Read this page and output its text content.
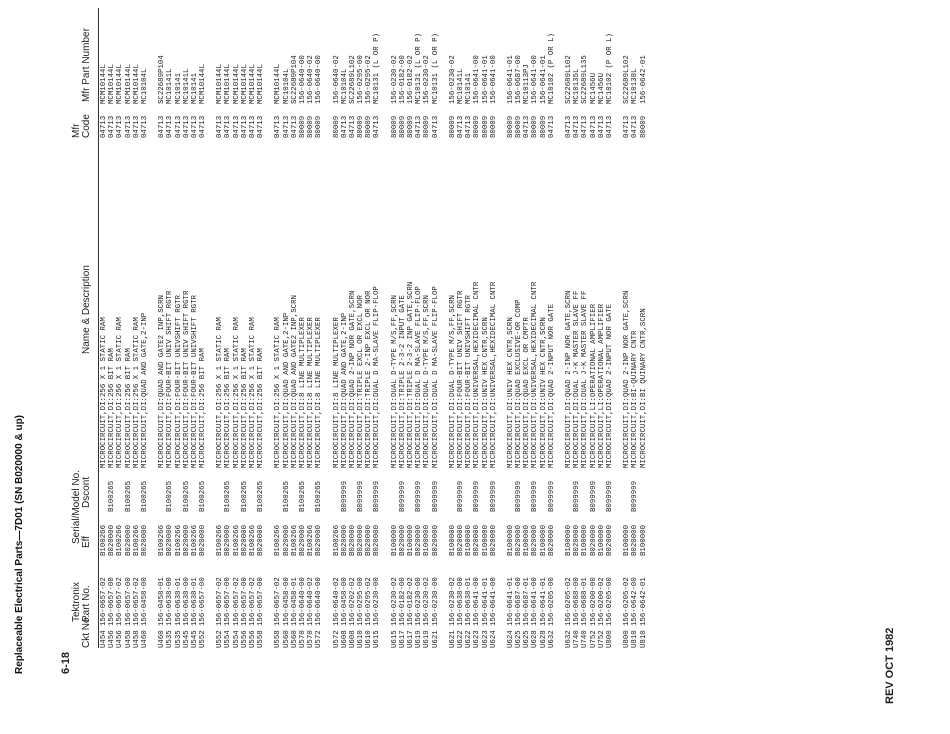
Replaceable Electrical Parts—7D01 (SN B020000 & up)	6-18
Ckt No.
Tektronix Part No.
Serial/Model No. Eff
Dscont
Name & Description
Mfr Code
Mfr Part Number
U454
156-0657-02
B100266
MICROCIRCUIT,DI:256 X 1 STATIC RAM
04713
MCM10144L
U456
156-0657-00
B020000
B100265
MICROCIRCUIT,DI:256 BIT RAM
04713
MCM10144L
U456
156-0657-02
B100266
MICROCIRCUIT,DI:256 X 1 STATIC RAM
04713
MCM10144L
U458
156-0657-00
B020000
B100265
MICROCIRCUIT,DI:256 BIT RAM
04713
MCM10144L
U458
156-0657-02
B100266
MICROCIRCUIT,DI:256 X 1 STATIC RAM
04713
MCM10144L
U460
156-0458-00
B020000
B100265
MICROCIRCUIT,DI:QUAD AND GATE,2-INP
04713
MC10104L
U460
156-0458-01
B100266
MICROCIRCUIT,DI:QUAD AND GATE2 INP,SCRN
04713
SC22689P104
U535
156-0638-00
B020000
B100265
MICROCIRCUIT,DI:FOUR-BIT UNIV SHIFT RGTR
04713
MC10141L
U535
156-0638-01
B100266
MICROCIRCUIT,DI:FOUR-BIT UNIVSHIFT RGTR
04713
MC10141
U545
156-0638-00
B020000
B100265
MICROCIRCUIT,DI:FOUR-BIT UNIV SHIFT RGTR
04713
MC10141L
U545
156-0638-01
B100266
MICROCIRCUIT,DI:FOUR-BIT UNIVSHIFT RGTR
04713
MC10141
U552
156-0657-00
B020000
B100265
MICROCIRCUIT,DI:256 BIT RAM
04713
MCM10144L
U552
156-0657-02
B100266
MICROCIRCUIT,DI:256 X 1 STATIC RAM
04713
MCM10144L
U554
156-0657-00
B020000
B100265
MICROCIRCUIT,DI:256 BIT RAM
04713
MCM10144L
U554
156-0657-02
B100266
MICROCIRCUIT,DI:256 X 1 STATIC RAM
04713
MCM10144L
U556
156-0657-00
B020000
B100265
MICROCIRCUIT,DI:256 BIT RAM
04713
MCM10144L
U556
156-0657-02
B100266
MICROCIRCUIT,DI:256 X 1 STATIC RAM
04713
MCM10144L
U558
156-0657-00
B020000
B100265
MICROCIRCUIT,DI:256 BIT RAM
04713
MCM10144L
U558
156-0657-02
B100266
MICROCIRCUIT,DI:256 X 1 STATIC RAM
04713
MCM10144L
U560
156-0458-00
B020000
B100265
MICROCIRCUIT,DI:QUAD AND GATE,2-INP
04713
MC10104L
U560
156-0458-01
B100266
MICROCIRCUIT,DI:QUAD AND GATE2 INP,SCRN
04713
SC22689P104
U570
156-0640-00
B020000
B100265
MICROCIRCUIT,DI:8 LINE MULTIPLEXER
80009
156-0640-00
U570
156-0640-02
B100266
MICROCIRCUIT,DI:8 LINE MULTIPLEXER
80009
156-0640-02
U572
156-0640-00
B020000
B100265
MICROCIRCUIT,DI:8 LINE MULTIPLEXER
80009
156-0640-00
U572
156-0640-02
B100266
MICROCIRCUIT,DI:8 LINE MULTIPLEXER
80009
156-0640-02
U608
156-0458-00
B020000
B099999
MICROCIRCUIT,DI:QUAD AND GATE,2-INP
04713
MC10104L
U608
156-0202-02
B020000
MICROCIRCUIT,DI:QUAD 2-INP NOR GATE,SCRN
04713
SC22689L102
U610
156-0295-00
B020000
B099999
MICROCIRCUIT,DI:TRIPLE EXCL OR EXCL NOR
80009
156-0295-00
U610
156-0295-02
B020000
MICROCIRCUIT,DI:TRIPLE 2-INP EXCL OR NOR
80009
156-0295-02
U615
156-0230-00
B020000
B099999
MICROCIRCUIT,DI:DUAL D MA-SLAVE FLIP-FLOP
04713
MC10131 (L OR P)
U615
156-0230-02
B100000
MICROCIRCUIT,DI:DUAL D-TYPE M/S,FF,SCRN
80009
156-0230-02
U617
156-0182-00
B020000
B099999
MICROCIRCUIT,DI:TRIPLE 2-3-2 INPUT GATE
80009
156-0182-00
U617
156-0182-02
B100000
MICROCIRCUIT,DI:TRIPLE 2-3-2 INP GATE,SCRN
80009
156-0182-02
U619
156-0230-00
B020000
B099999
MICROCIRCUIT,DI:DUAL D MA-SLAVE FLIP-FLOP
04713
MC10131 (L OR P)
U619
156-0230-02
B100000
MICROCIRCUIT,DI:DUAL D-TYPE M/S,FF,SCRN
80009
156-0230-02
U621
156-0230-00
B020000
B099999
MICROCIRCUIT,DI:DUAL D MA-SLAVE FLIP-FLOP
04713
MC10131 (L OR P)
U621
156-0230-02
B100000
MICROCIRCUIT,DI:DUAL D-TYPE M/S,FF,SCRN
80009
156-0230-02
U622
156-0638-00
B020000
B099999
MICROCIRCUIT,DI:FOUR-BIT UNIV SHIFT RGTR
04713
MC10141L
U622
156-0638-01
B100000
MICROCIRCUIT,DI:FOUR-BIT UNIVSHIFT RGTR
04713
MC10141
U623
156-0641-00
B020000
B099999
MICROCIRCUIT,DI:UNIVERSAL,HEXIDECIMAL CNTR
80009
156-0641-00
U623
156-0641-01
B100000
MICROCIRCUIT,DI:UNIV HEX CNTR,SCRN
80009
156-0641-01
U624
156-0641-00
B020000
B099999
MICROCIRCUIT,DI:UNIVERSAL,HEXIDECIMAL CNTR
80009
156-0641-00
U624
156-0641-01
B100000
MICROCIRCUIT,DI:UNIV HEX CNTR,SCRN
80009
156-0641-01
U625
156-0687-00
B020000
B099999
MICROCIRCUIT,DI:QUAD EXCLUSIVE-OR COMP
80009
156-0687-00
U625
156-0687-01
B100000
MICROCIRCUIT,DI:QUAD EXCL OR CMPTR
04713
MC10113PJ
U628
156-0641-00
B020000
B099999
MICROCIRCUIT,DI:UNIVERSAL,HEXIDECIMAL CNTR
80009
156-0641-00
U628
156-0641-01
B100000
MICROCIRCUIT,DI:UNIV HEX CNTR,SCRN
80009
156-0641-01
U632
156-0205-00
B020000
B099999
MICROCIRCUIT,DI:QUAD 2-INPUT NOR GATE
04713
MC10102 (P OR L)
U632
156-0205-02
B100000
MICROCIRCUIT,DI:QUAD 2-INP NOR GATE,SCRN
04713
SC22689L102
U740
156-0688-00
B020000
B099999
MICROCIRCUIT,DI:DUAL J-K MASTER SLAVE FF
04713
MC10135L
U740
156-0688-01
B100000
MICROCIRCUIT,DI:DUAL J-K MASTER SLAVE FF
04713
SC22689L135
U752
156-0200-00
B020000
B099999
MICROCIRCUIT,LI:OPERATIONAL AMPLIFIER
04713
MC1456U
U752
156-0200-02
B100000
MICROCIRCUIT,LI:OPERATIONAL AMPLIFIER
04713
MC1456U
U800
156-0205-00
B020000
B099999
MICROCIRCUIT,DI:QUAD 2-INPUT NOR GATE
04713
MC10102 (P OR L)
U800
156-0205-02
B100000
MICROCIRCUIT,DI:QUAD 2-INP NOR GATE,SCRN
04713
SC22689L102
U810
156-0642-00
B020000
B099999
MICROCIRCUIT,DI:BI-QUINARY CNTR
04713
MC10138L
U810
156-0642-01
B100000
MICROCIRCUIT,DI:BI QUINARY CNTR,SCRN
80009
156-0642-01
REV OCT 1982
